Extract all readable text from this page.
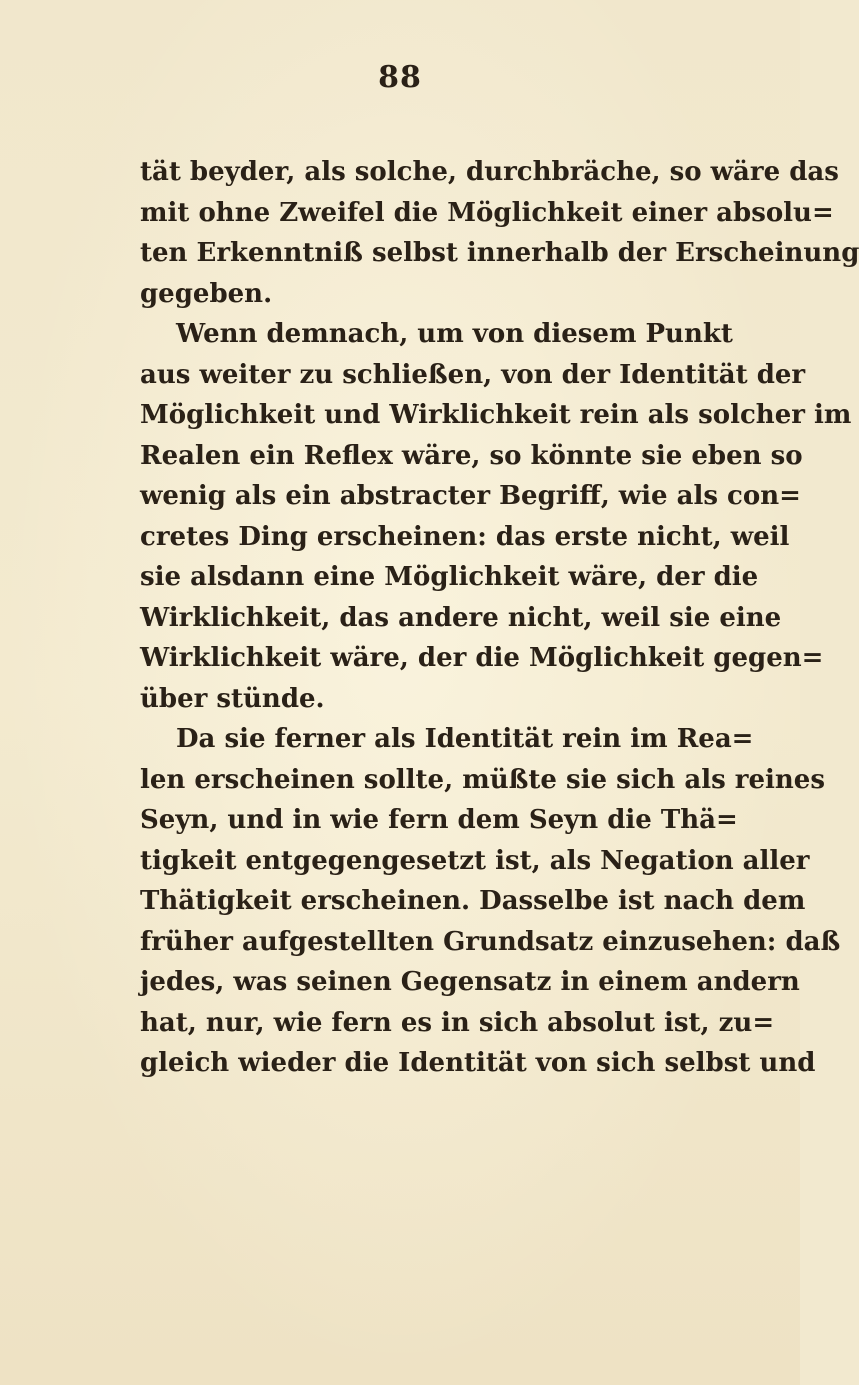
88
tät beyder, als solche, durchbräche, so wäre das
mit ohne Zweifel die Möglichkeit einer absolu=
ten Erkenntniß selbst innerhalb der Erscheinung
gegeben.
Wenn demnach, um von diesem Punkt
aus weiter zu schließen, von der Identität der
Möglichkeit und Wirklichkeit rein als solcher im
Realen ein Reflex wäre, so könnte sie eben so
wenig als ein abstracter Begriff, wie als con=
cretes Ding erscheinen: das erste nicht, weil
sie alsdann eine Möglichkeit wäre, der die
Wirklichkeit, das andere nicht, weil sie eine
Wirklichkeit wäre, der die Möglichkeit gegen=
über stünde.
Da sie ferner als Identität rein im Rea=
len erscheinen sollte, müßte sie sich als reines
Seyn, und in wie fern dem Seyn die Thä=
tigkeit entgegengesetzt ist, als Negation aller
Thätigkeit erscheinen. Dasselbe ist nach dem
früher aufgestellten Grundsatz einzusehen: daß
jedes, was seinen Gegensatz in einem andern
hat, nur, wie fern es in sich absolut ist, zu=
gleich wieder die Identität von sich selbst und
